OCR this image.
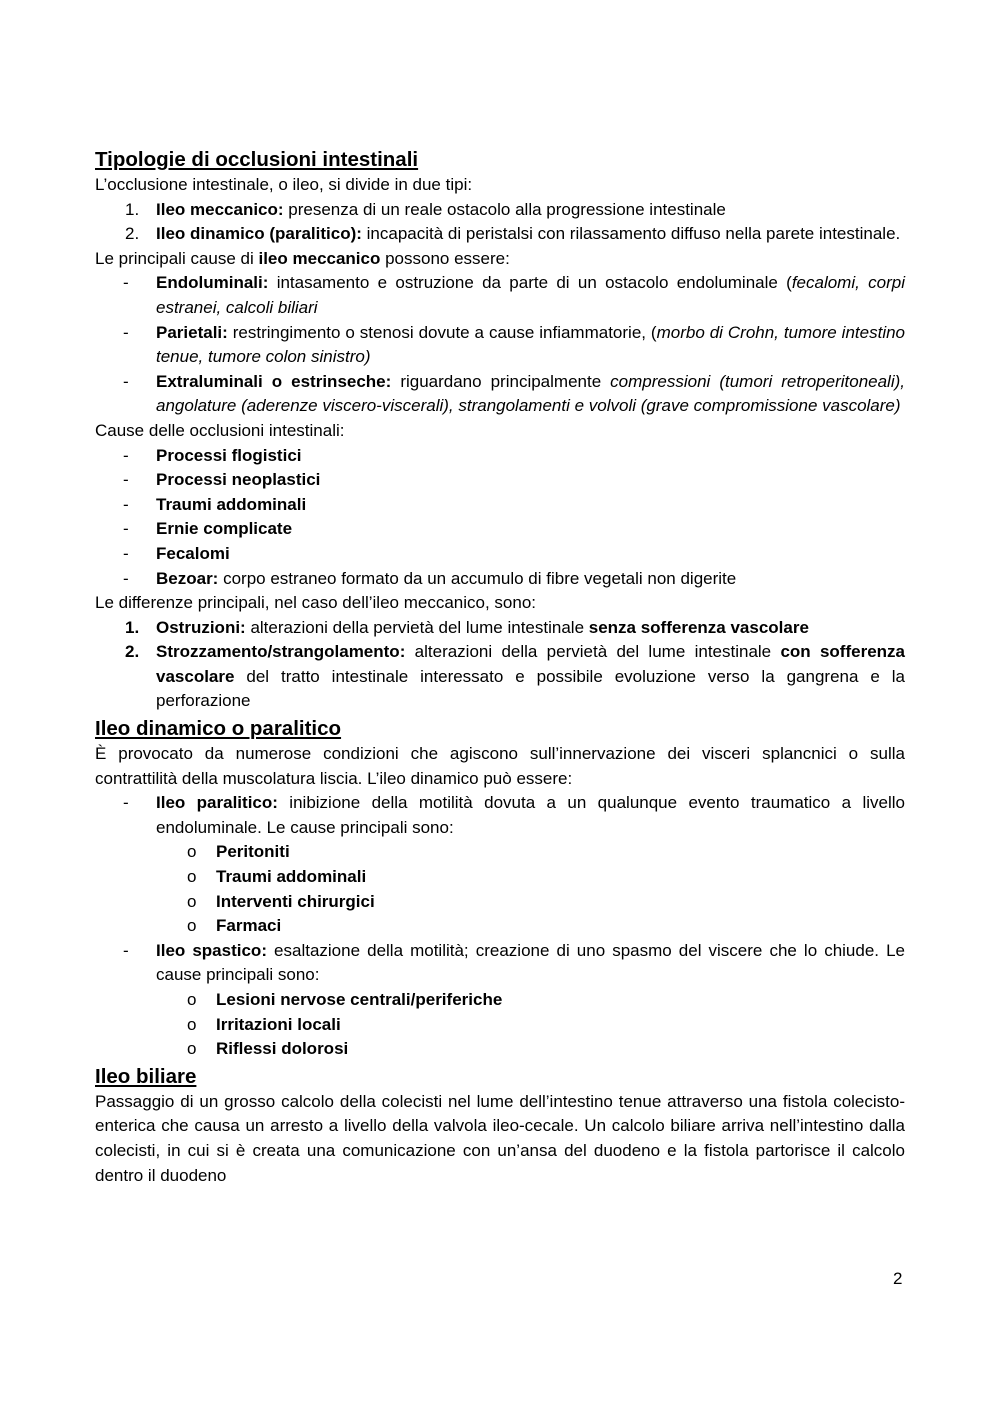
Tipologie di occlusioni intestinali

L’occlusione intestinale, o ileo, si divide in due tipi:

1. Ileo meccanico: presenza di un reale ostacolo alla progressione intestinale
2. Ileo dinamico (paralitico): incapacità di peristalsi con rilassamento diffuso nella parete intestinale.

Le principali cause di ileo meccanico possono essere:

-	Endoluminali: intasamento e ostruzione da parte di un ostacolo endoluminale (fecalomi, corpi estranei, calcoli biliari
-	Parietali: restringimento o stenosi dovute a cause infiammatorie, (morbo di Crohn, tumore intestino tenue, tumore colon sinistro)
-	Extraluminali o estrinseche: riguardano principalmente compressioni (tumori retroperitoneali), angolature (aderenze viscero-viscerali), strangolamenti e volvoli (grave compromissione vascolare)

Cause delle occlusioni intestinali:

-	Processi flogistici
-	Processi neoplastici
-	Traumi addominali
-	Ernie complicate
-	Fecalomi
-	Bezoar: corpo estraneo formato da un accumulo di fibre vegetali non digerite

Le differenze principali, nel caso dell’ileo meccanico, sono:

1. Ostruzioni: alterazioni della pervietà del lume intestinale senza sofferenza vascolare
2. Strozzamento/strangolamento: alterazioni della pervietà del lume intestinale con sofferenza vascolare del tratto intestinale interessato e possibile evoluzione verso la gangrena e la perforazione
Ileo dinamico o paralitico

È provocato da numerose condizioni che agiscono sull’innervazione dei visceri splancnici o sulla contrattilità della muscolatura liscia. L’ileo dinamico può essere:

-	Ileo paralitico: inibizione della motilità dovuta a un qualunque evento traumatico a livello endoluminale. Le cause principali sono:
o	Peritoniti
o	Traumi addominali
o	Interventi chirurgici
o	Farmaci
-	Ileo spastico: esaltazione della motilità; creazione di uno spasmo del viscere che lo chiude. Le cause principali sono:
o	Lesioni nervose centrali/periferiche
o	Irritazioni locali
o	Riflessi dolorosi
Ileo biliare

Passaggio di un grosso calcolo della colecisti nel lume dell’intestino tenue attraverso una fistola colecisto-enterica che causa un arresto a livello della valvola ileo-cecale. Un calcolo biliare arriva nell’intestino dalla colecisti, in cui si è creata una comunicazione con un’ansa del duodeno e la fistola partorisce il calcolo dentro il duodeno

2
